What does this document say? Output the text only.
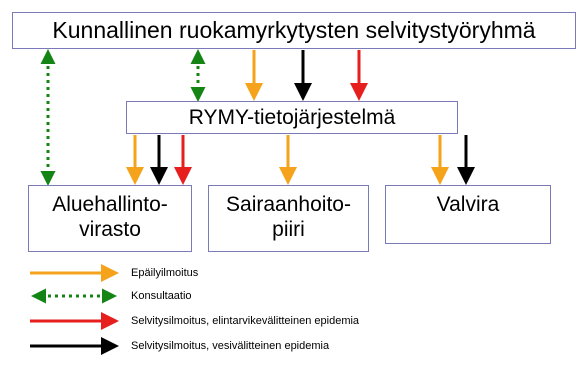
Kunnallinen ruokamyrkytysten selvitystyöryhmä
RYMY-tietojärjestelmä
Aluehallinto-
virasto
Sairaanhoito-
piiri
Valvira
Epäilyilmoitus
Konsultaatio
Selvitysilmoitus, elintarvikevälitteinen epidemia
Selvitysilmoitus, vesivälitteinen epidemia
